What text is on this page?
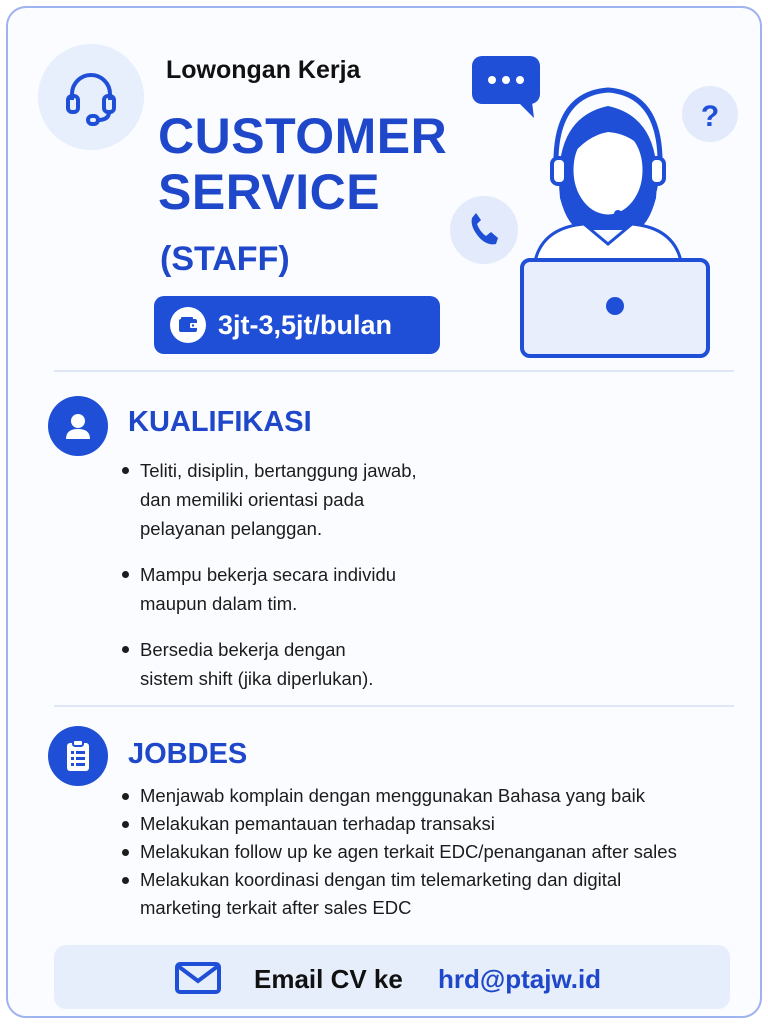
Lowongan Kerja
CUSTOMER
SERVICE
(STAFF)
3jt-3,5jt/bulan
?
KUALIFIKASI
Teliti, disiplin, bertanggung jawab, dan memiliki orientasi pada pelayanan pelanggan.
Mampu bekerja secara individu maupun dalam tim.
Bersedia bekerja dengan sistem shift (jika diperlukan).
JOBDES
Menjawab komplain dengan menggunakan Bahasa yang baik
Melakukan pemantauan terhadap transaksi
Melakukan follow up ke agen terkait EDC/penanganan after sales
Melakukan koordinasi dengan tim telemarketing dan digital marketing terkait after sales EDC
Email CV ke hrd@ptajw.id
